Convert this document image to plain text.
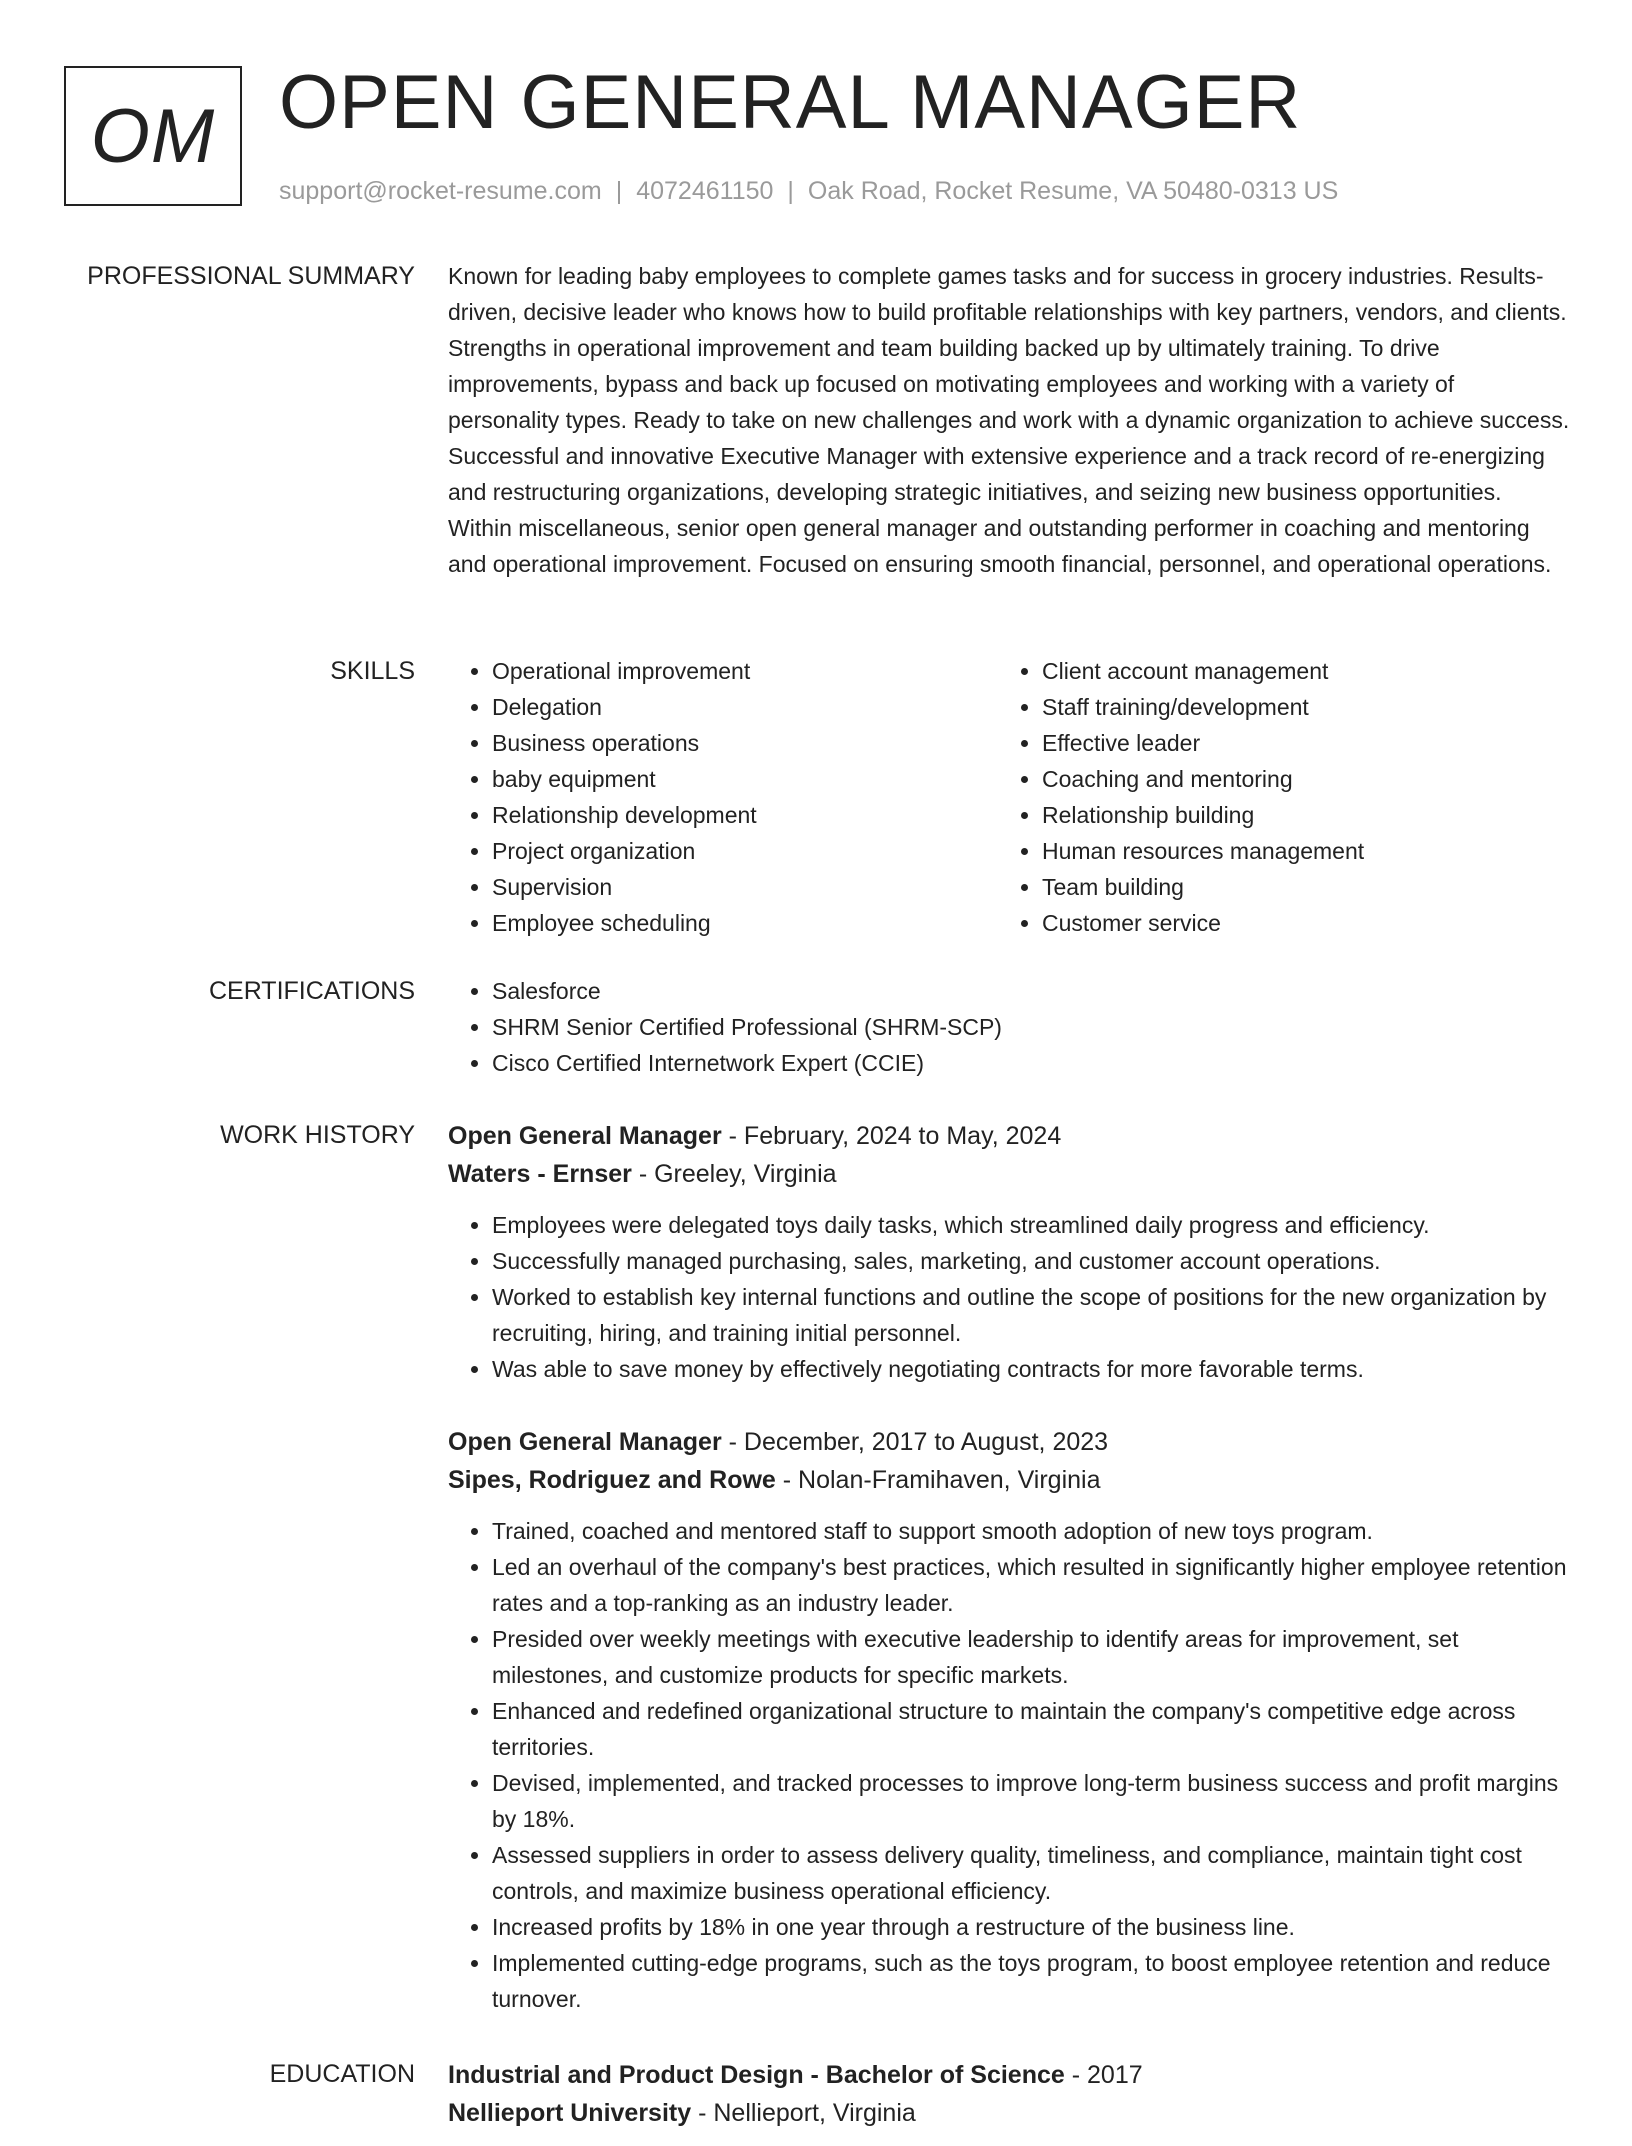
OM OPEN GENERAL MANAGER
support@rocket-resume.com | 4072461150 | Oak Road, Rocket Resume, VA 50480-0313 US
PROFESSIONAL SUMMARY Known for leading baby employees to complete games tasks and for success in grocery industries. Results-driven, decisive leader who knows how to build profitable relationships with key partners, vendors, and clients. Strengths in operational improvement and team building backed up by ultimately training. To drive improvements, bypass and back up focused on motivating employees and working with a variety of personality types. Ready to take on new challenges and work with a dynamic organization to achieve success. Successful and innovative Executive Manager with extensive experience and a track record of re-energizing and restructuring organizations, developing strategic initiatives, and seizing new business opportunities. Within miscellaneous, senior open general manager and outstanding performer in coaching and mentoring and operational improvement. Focused on ensuring smooth financial, personnel, and operational operations.

SKILLS	• Operational improvement
• Delegation
• Business operations
• baby equipment
• Relationship development
• Project organization
• Supervision
• Employee scheduling
• Client account management
• Staff training/development
• Effective leader
• Coaching and mentoring
• Relationship building
• Human resources management
• Team building
• Customer service
CERTIFICATIONS	• Salesforce
• SHRM Senior Certified Professional (SHRM-SCP)
• Cisco Certified Internetwork Expert (CCIE)
WORK HISTORY Open General Manager - February, 2024 to May, 2024

Waters - Ernser - Greeley, Virginia

• Employees were delegated toys daily tasks, which streamlined daily progress and efficiency.
• Successfully managed purchasing, sales, marketing, and customer account operations.
• Worked to establish key internal functions and outline the scope of positions for the new organization by recruiting, hiring, and training initial personnel.
• Was able to save money by effectively negotiating contracts for more favorable terms.

Open General Manager - December, 2017 to August, 2023

Sipes, Rodriguez and Rowe - Nolan-Framihaven, Virginia

• Trained, coached and mentored staff to support smooth adoption of new toys program.
• Led an overhaul of the company's best practices, which resulted in significantly higher employee retention rates and a top-ranking as an industry leader.
• Presided over weekly meetings with executive leadership to identify areas for improvement, set milestones, and customize products for specific markets.
• Enhanced and redefined organizational structure to maintain the company's competitive edge across territories.
• Devised, implemented, and tracked processes to improve long-term business success and profit margins by 18%.
• Assessed suppliers in order to assess delivery quality, timeliness, and compliance, maintain tight cost controls, and maximize business operational efficiency.
• Increased profits by 18% in one year through a restructure of the business line.
• Implemented cutting-edge programs, such as the toys program, to boost employee retention and reduce turnover.
EDUCATION Industrial and Product Design - Bachelor of Science - 2017

Nellieport University - Nellieport, Virginia
